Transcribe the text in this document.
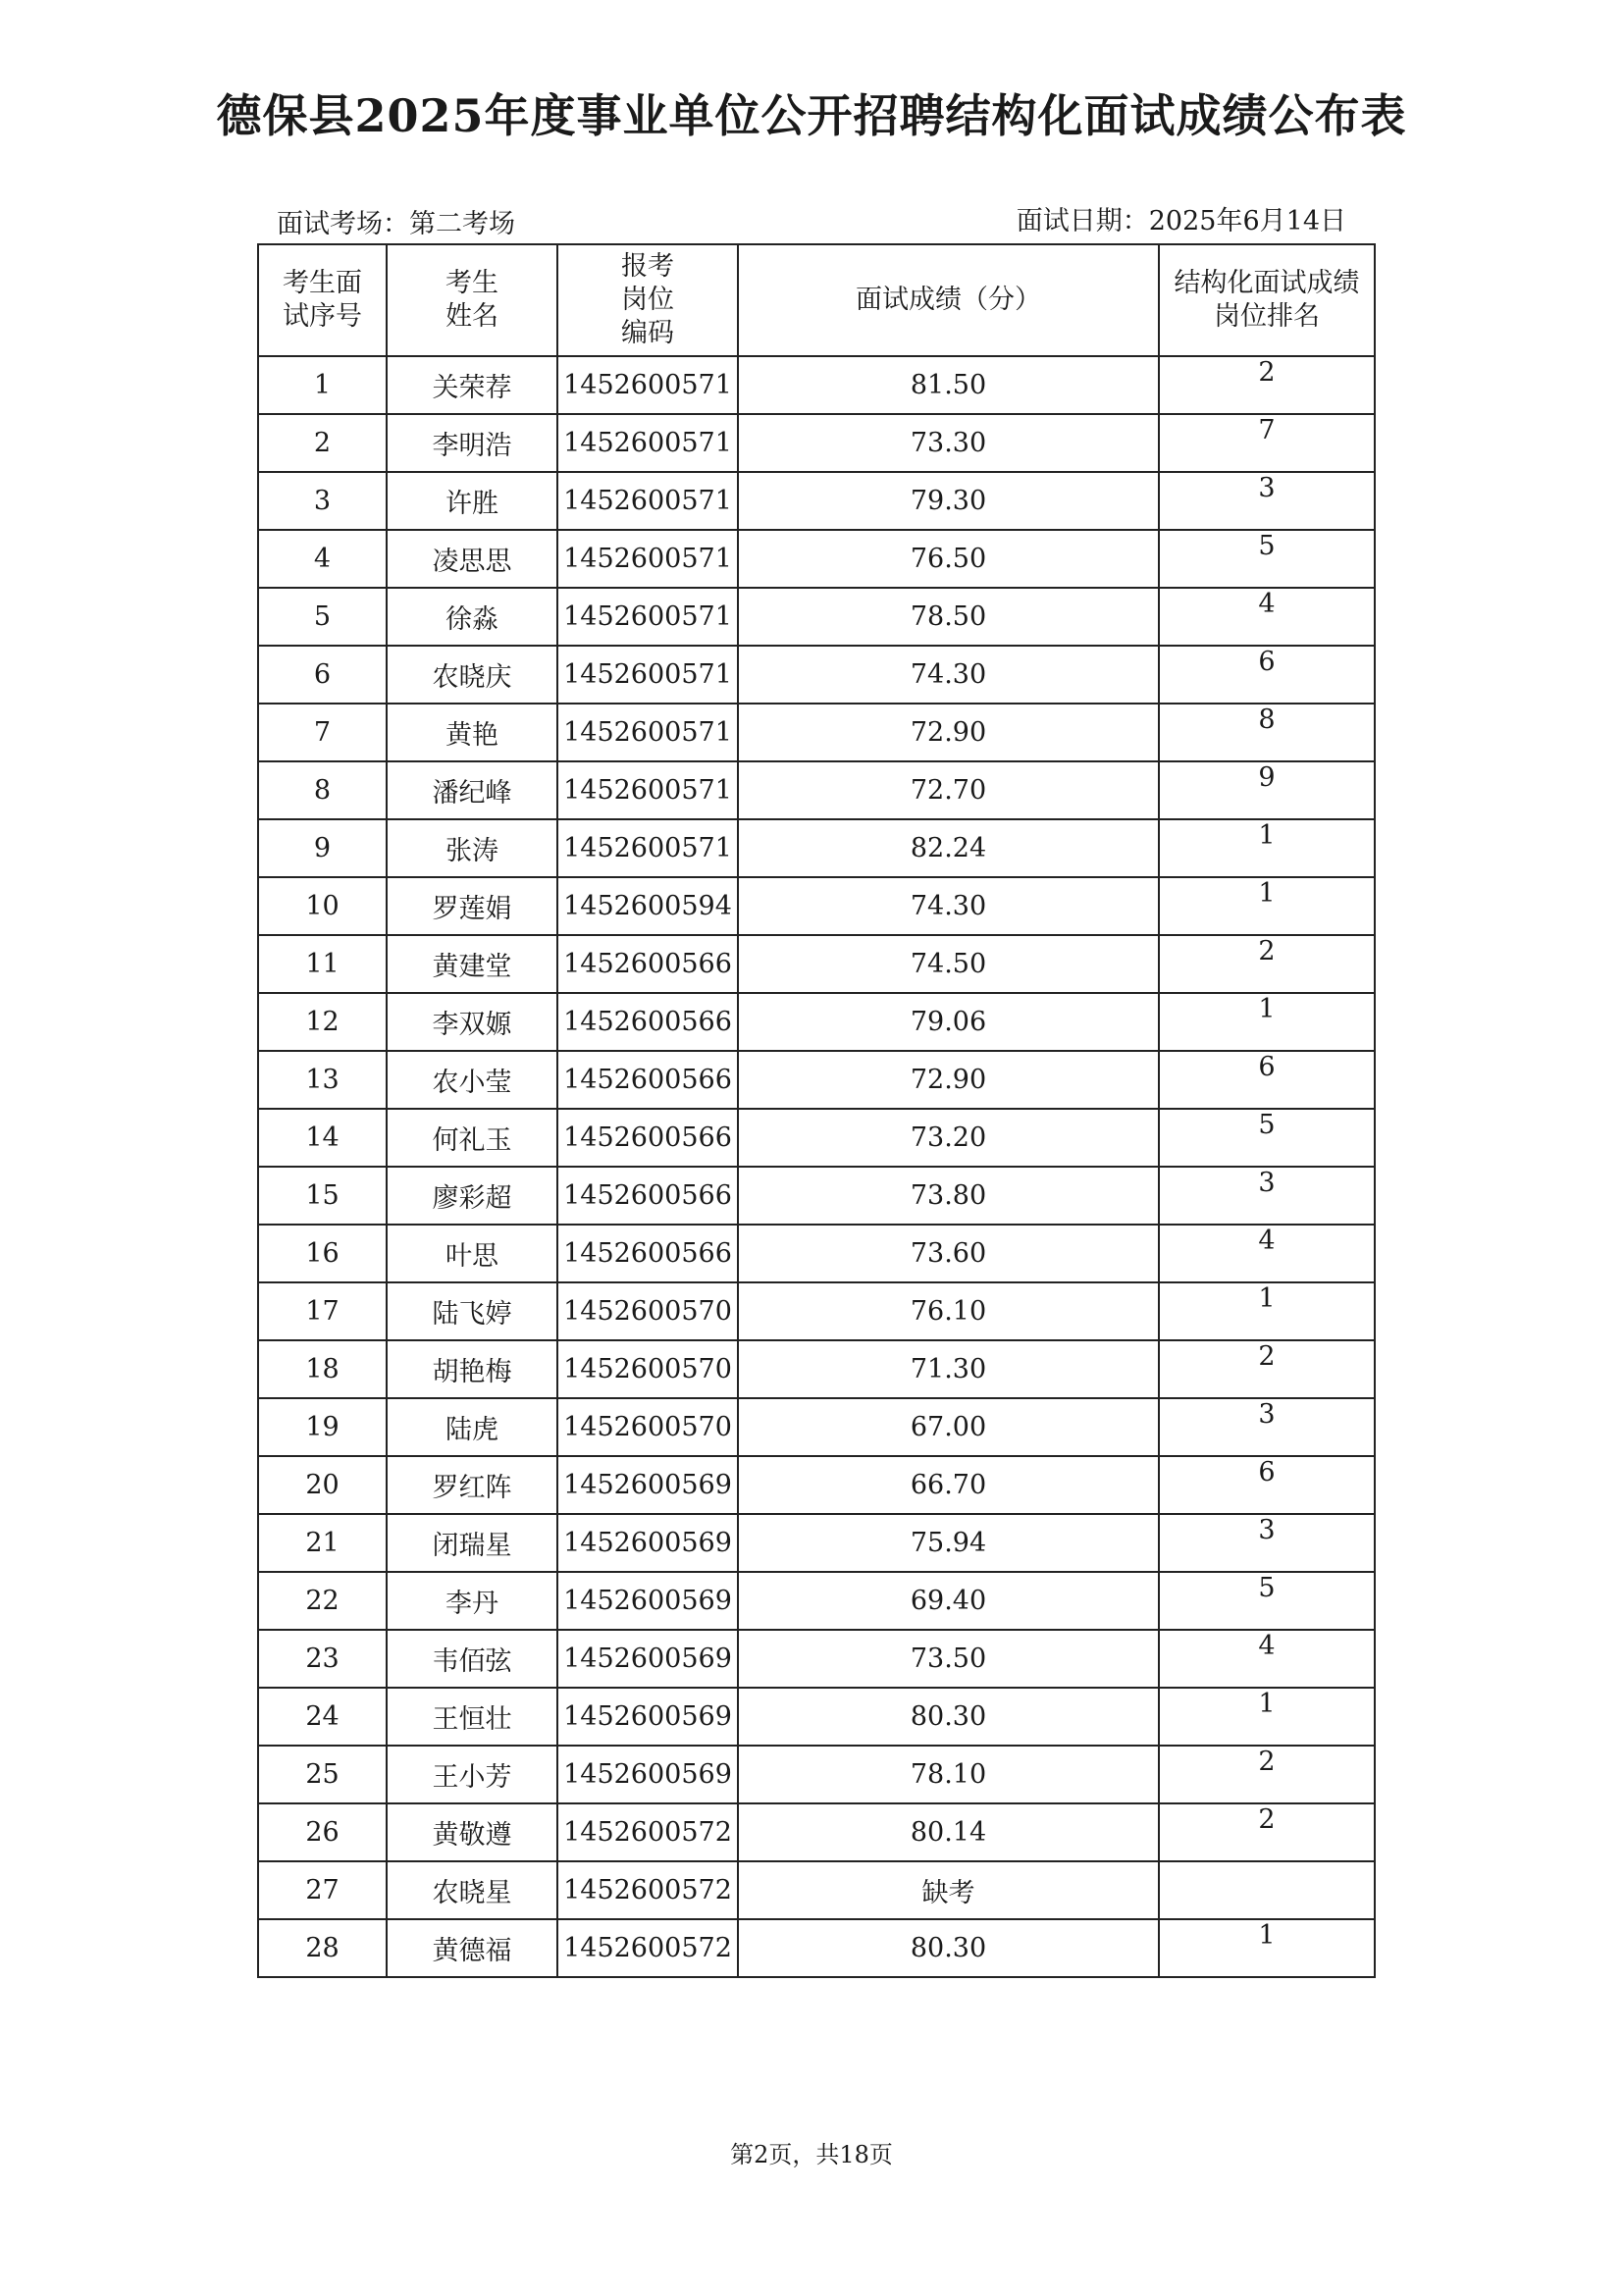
德保县2025年度事业单位公开招聘结构化面试成绩公布表
面试考场：第二考场	面试日期：2025年6月14日
考生面试序号	考生姓名	报考岗位编码	面试成绩（分）	结构化面试成绩岗位排名
1	关荣荐	1452600571	81.50	2
2	李明浩	1452600571	73.30	7
3	许胜	1452600571	79.30	3
4	凌思思	1452600571	76.50	5
5	徐淼	1452600571	78.50	4
6	农晓庆	1452600571	74.30	6
7	黄艳	1452600571	72.90	8
8	潘纪峰	1452600571	72.70	9
9	张涛	1452600571	82.24	1
10	罗莲娟	1452600594	74.30	1
11	黄建堂	1452600566	74.50	2
12	李双嫄	1452600566	79.06	1
13	农小莹	1452600566	72.90	6
14	何礼玉	1452600566	73.20	5
15	廖彩超	1452600566	73.80	3
16	叶思	1452600566	73.60	4
17	陆飞婷	1452600570	76.10	1
18	胡艳梅	1452600570	71.30	2
19	陆虎	1452600570	67.00	3
20	罗红阵	1452600569	66.70	6
21	闭瑞星	1452600569	75.94	3
22	李丹	1452600569	69.40	5
23	韦佰弦	1452600569	73.50	4
24	王恒壮	1452600569	80.30	1
25	王小芳	1452600569	78.10	2
26	黄敬遵	1452600572	80.14	2
27	农晓星	1452600572	缺考	
28	黄德福	1452600572	80.30	1
第2页，共18页
